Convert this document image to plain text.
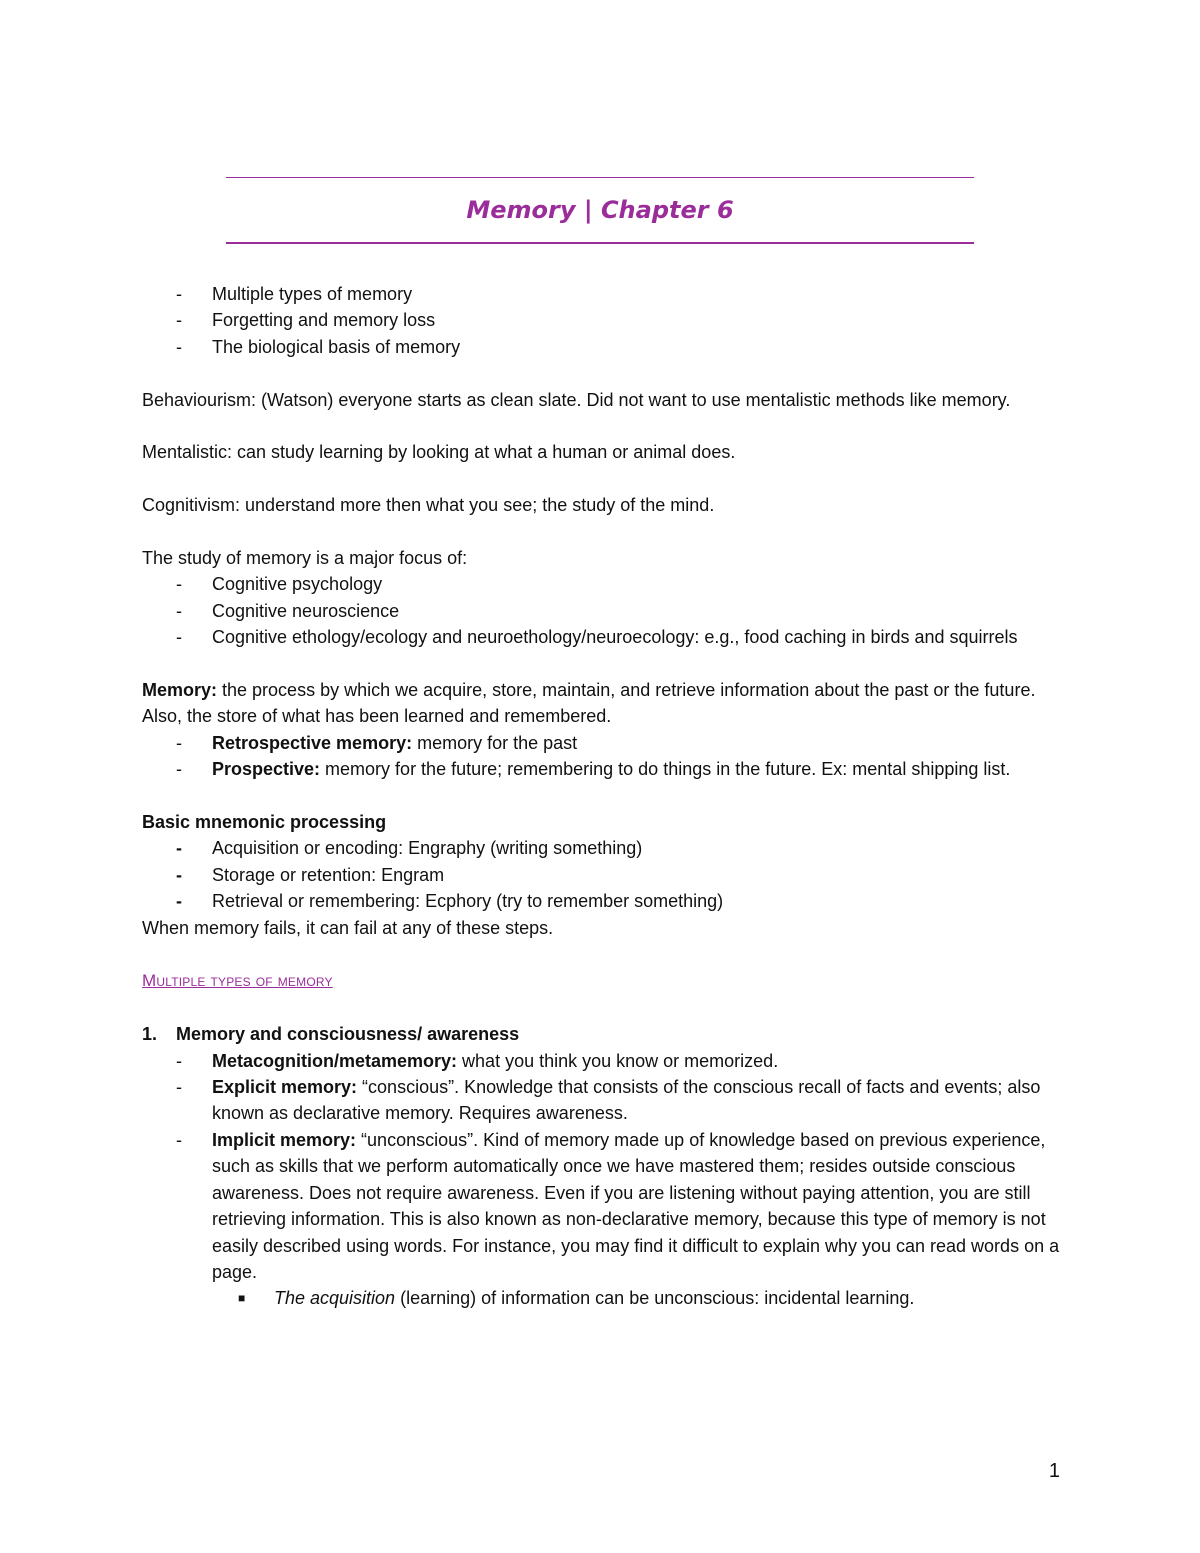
Memory | Chapter 6
- Multiple types of memory
- Forgetting and memory loss
- The biological basis of memory

Behaviourism: (Watson) everyone starts as clean slate. Did not want to use mentalistic methods like memory.

Mentalistic: can study learning by looking at what a human or animal does.

Cognitivism: understand more then what you see; the study of the mind.

The study of memory is a major focus of:

- Cognitive psychology
- Cognitive neuroscience
- Cognitive ethology/ecology and neuroethology/neuroecology: e.g., food caching in birds and squirrels

Memory: the process by which we acquire, store, maintain, and retrieve information about the past or the future. Also, the store of what has been learned and remembered.

- Retrospective memory: memory for the past
- Prospective: memory for the future; remembering to do things in the future. Ex: mental shipping list.

Basic mnemonic processing

- Acquisition or encoding: Engraphy (writing something)
- Storage or retention: Engram
- Retrieval or remembering: Ecphory (try to remember something)

When memory fails, it can fail at any of these steps.

Multiple types of memory

1. Memory and consciousness/ awareness

- Metacognition/metamemory: what you think you know or memorized.
- Explicit memory: “conscious”. Knowledge that consists of the conscious recall of facts and events; also known as declarative memory. Requires awareness.
- Implicit memory: “unconscious”. Kind of memory made up of knowledge based on previous experience, such as skills that we perform automatically once we have mastered them; resides outside conscious awareness. Does not require awareness. Even if you are listening without paying attention, you are still retrieving information. This is also known as non-declarative memory, because this type of memory is not easily described using words. For instance, you may find it difficult to explain why you can read words on a page.

■ The acquisition (learning) of information can be unconscious: incidental learning.

1
